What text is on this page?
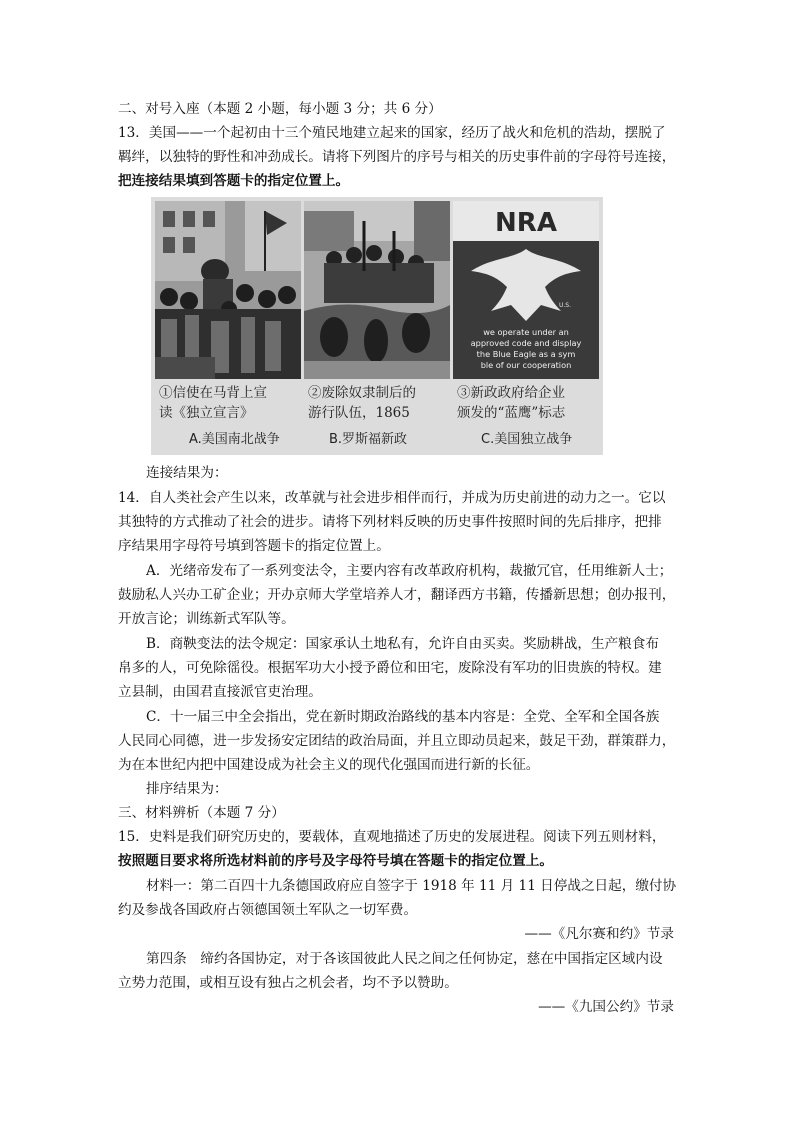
二、对号入座（本题 2 小题，每小题 3 分；共 6 分）
13．美国——一个起初由十三个殖民地建立起来的国家，经历了战火和危机的浩劫，摆脱了
羁绊，以独特的野性和冲劲成长。请将下列图片的序号与相关的历史事件前的字母符号连接，
把连接结果填到答题卡的指定位置上。
NRA
U.S.
we operate under an
approved code and display
the Blue Eagle as a sym
ble of our cooperation
①信使在马背上宣
读《独立宣言》
②废除奴隶制后的
游行队伍，1865
③新政政府给企业
颁发的“蓝鹰”标志
A.美国南北战争	B.罗斯福新政	C.美国独立战争
连接结果为：
14．自人类社会产生以来，改革就与社会进步相伴而行，并成为历史前进的动力之一。它以
其独特的方式推动了社会的进步。请将下列材料反映的历史事件按照时间的先后排序，把排
序结果用字母符号填到答题卡的指定位置上。
A．光绪帝发布了一系列变法令，主要内容有改革政府机构，裁撤冗官，任用维新人士；
鼓励私人兴办工矿企业；开办京师大学堂培养人才，翻译西方书籍，传播新思想；创办报刊，
开放言论；训练新式军队等。
B．商鞅变法的法令规定：国家承认土地私有，允许自由买卖。奖励耕战，生产粮食布
帛多的人，可免除徭役。根据军功大小授予爵位和田宅，废除没有军功的旧贵族的特权。建
立县制，由国君直接派官吏治理。
C．十一届三中全会指出，党在新时期政治路线的基本内容是：全党、全军和全国各族
人民同心同德，进一步发扬安定团结的政治局面，并且立即动员起来，鼓足干劲，群策群力，
为在本世纪内把中国建设成为社会主义的现代化强国而进行新的长征。
排序结果为：
三、材料辨析（本题 7 分）
15．史料是我们研究历史的，要载体，直观地描述了历史的发展进程。阅读下列五则材料，
按照题目要求将所选材料前的序号及字母符号填在答题卡的指定位置上。
材料一：第二百四十九条德国政府应自签字于 1918 年 11 月 11 日停战之日起，缴付协
约及参战各国政府占领德国领土军队之一切军费。
——《凡尔赛和约》节录
第四条　缔约各国协定，对于各该国彼此人民之间之任何协定，慈在中国指定区域内设
立势力范围，或相互设有独占之机会者，均不予以赞助。
——《九国公约》节录
